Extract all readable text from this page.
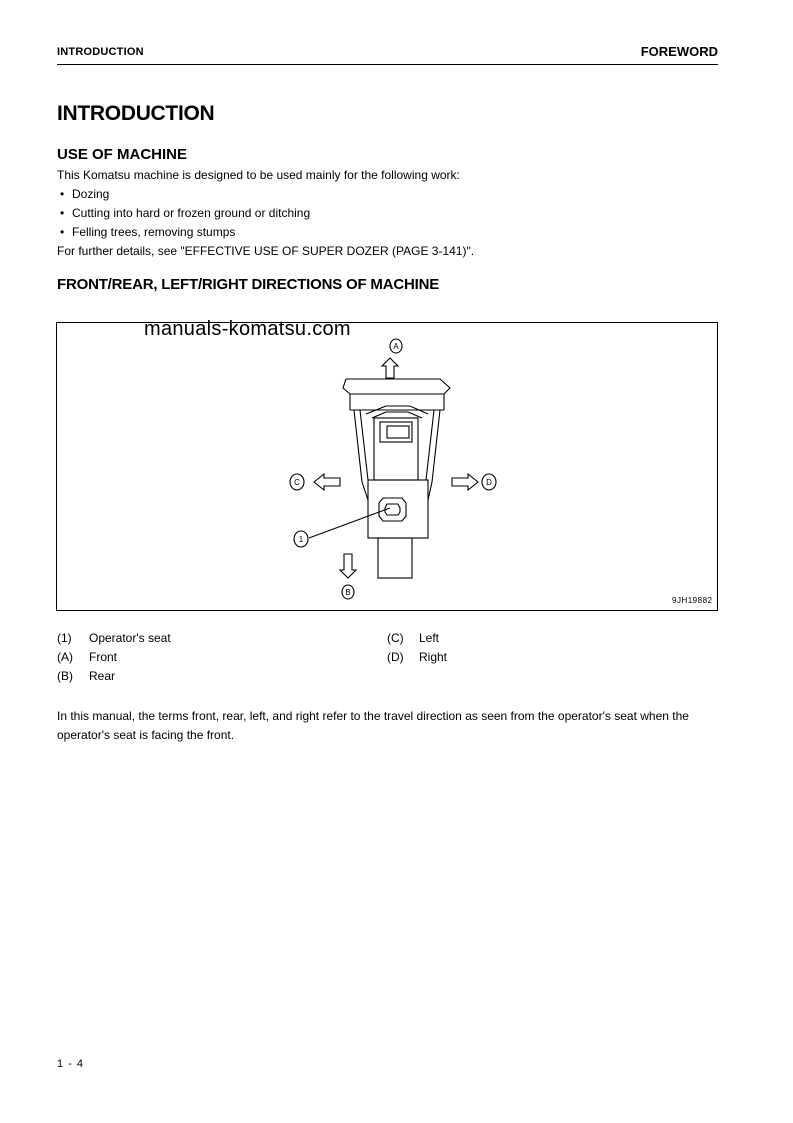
INTRODUCTION	FOREWORD
INTRODUCTION
USE OF MACHINE
This Komatsu machine is designed to be used mainly for the following work:
• Dozing
• Cutting into hard or frozen ground or ditching
• Felling trees, removing stumps
For further details, see "EFFECTIVE USE OF SUPER DOZER (PAGE 3-141)".
FRONT/REAR, LEFT/RIGHT DIRECTIONS OF MACHINE
A
C	D
B
1
manuals-komatsu.com
9JH19882
(1) Operator's seat
(A) Front
(B) Rear
(C) Left
(D) Right
In this manual, the terms front, rear, left, and right refer to the travel direction as seen from the operator's seat when the operator's seat is facing the front.
1 - 4
